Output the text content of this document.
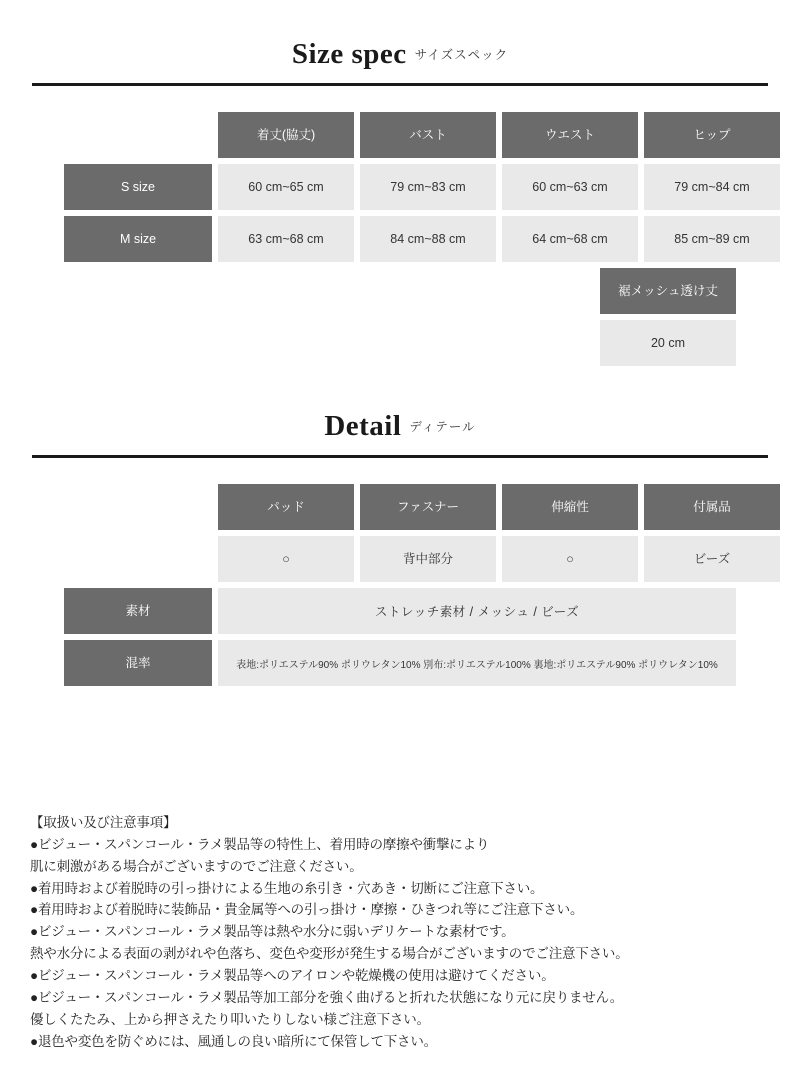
Size spec $^{サイズスペック}$
着丈(脇丈)	バスト	ウエスト	ヒップ
S size	60 cm~65 cm	79 cm~83 cm	60 cm~63 cm	79 cm~84 cm
M size	63 cm~68 cm	84 cm~88 cm	64 cm~68 cm	85 cm~89 cm
裾メッシュ透け丈
20 cm
Detail $^{ディテール}$
パッド	ファスナー	伸縮性	付属品
○	背中部分	○	ビーズ
素材	ストレッチ素材 / メッシュ / ビーズ
混率	表地:ポリエステル90% ポリウレタン10% 別布:ポリエステル100% 裏地:ポリエステル90% ポリウレタン10%
【取扱い及び注意事項】
●ビジュー・スパンコール・ラメ製品等の特性上、着用時の摩擦や衝撃により
肌に刺激がある場合がございますのでご注意ください。
●着用時および着脱時の引っ掛けによる生地の糸引き・穴あき・切断にご注意下さい。
●着用時および着脱時に装飾品・貴金属等への引っ掛け・摩擦・ひきつれ等にご注意下さい。
●ビジュー・スパンコール・ラメ製品等は熱や水分に弱いデリケートな素材です。
熱や水分による表面の剥がれや色落ち、変色や変形が発生する場合がございますのでご注意下さい。
●ビジュー・スパンコール・ラメ製品等へのアイロンや乾燥機の使用は避けてください。
●ビジュー・スパンコール・ラメ製品等加工部分を強く曲げると折れた状態になり元に戻りません。
優しくたたみ、上から押さえたり叩いたりしない様ご注意下さい。
●退色や変色を防ぐめには、風通しの良い暗所にて保管して下さい。
